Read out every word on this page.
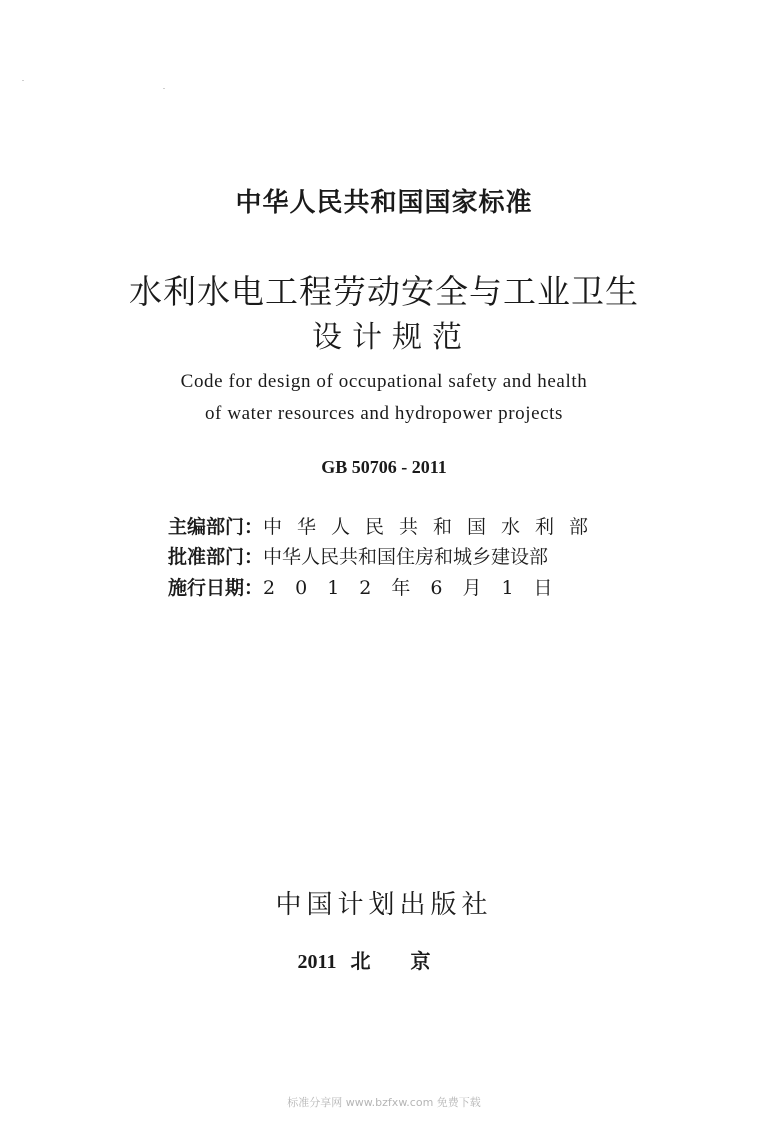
中华人民共和国国家标准
水利水电工程劳动安全与工业卫生
设计规范
Code for design of occupational safety and health
of water resources and hydropower projects
GB 50706 - 2011
主编部门：中华人民共和国水利部
批准部门：中华人民共和国住房和城乡建设部
施行日期：2012年6月1日
中国计划出版社
2011 北京
标准分享网 www.bzfxw.com 免费下载
